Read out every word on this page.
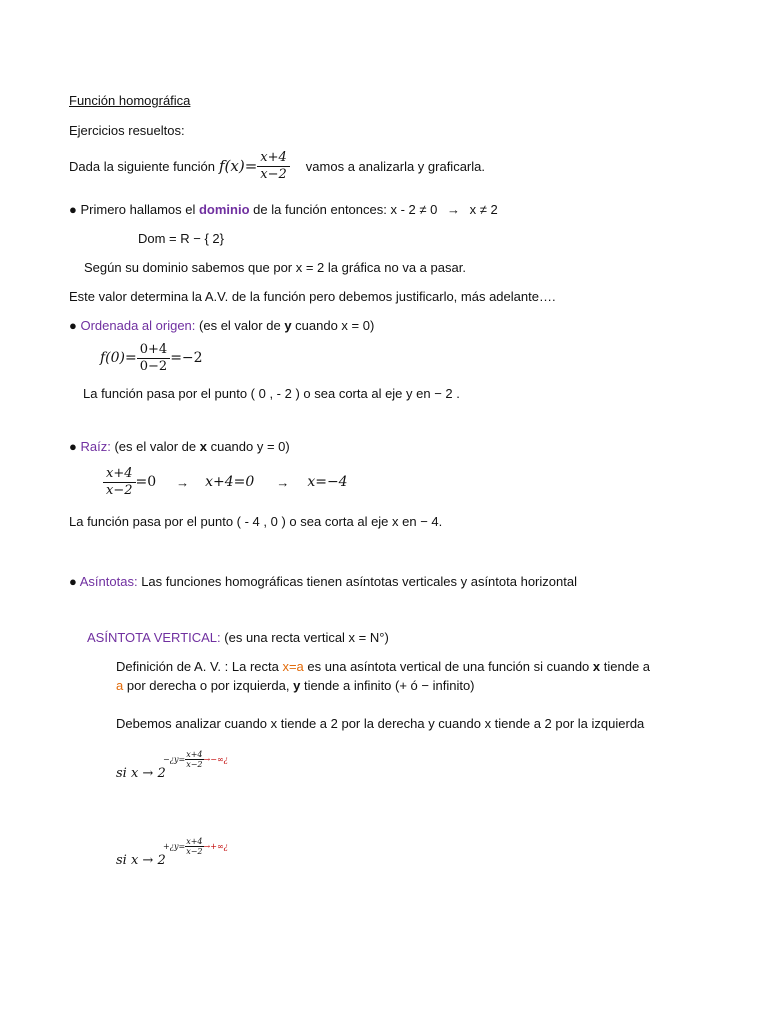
Función homográfica
Ejercicios resueltos:
Dada la siguiente función $f(x)= \frac{x+4}{x-2}$ vamos a analizarla y graficarla.
● Primero hallamos el dominio de la función entonces: x - 2 ≠ 0 → x ≠ 2
Dom = R − { 2}
Según su dominio sabemos que por x = 2 la gráfica no va a pasar.
Este valor determina la A.V. de la función pero debemos justificarlo, más adelante….
● Ordenada al origen: (es el valor de y cuando x = 0)
$f(0)= \frac{0+4}{0-2} =-2$
La función pasa por el punto ( 0 , - 2 ) o sea corta al eje y en − 2 .
● Raíz: (es el valor de x cuando y = 0)
$\frac{x+4}{x-2} =0 \to x+4=0 \to x=-4$
La función pasa por el punto ( - 4 , 0 ) o sea corta al eje x en − 4.
● Asíntotas: Las funciones homográficas tienen asíntotas verticales y asíntota horizontal
ASÍNTOTA VERTICAL: (es una recta vertical x = N°)
Definición de A. V. : La recta x=a es una asíntota vertical de una función si cuando x tiende a
a por derecha o por izquierda, y tiende a infinito (+ ó − infinito)
Debemos analizar cuando x tiende a 2 por la derecha y cuando x tiende a 2 por la izquierda
si x → 2
−¿y= $\frac{x+4}{x-2}$ →−∞¿
si x → 2
+¿y= $\frac{x+4}{x-2}$ →+∞¿
